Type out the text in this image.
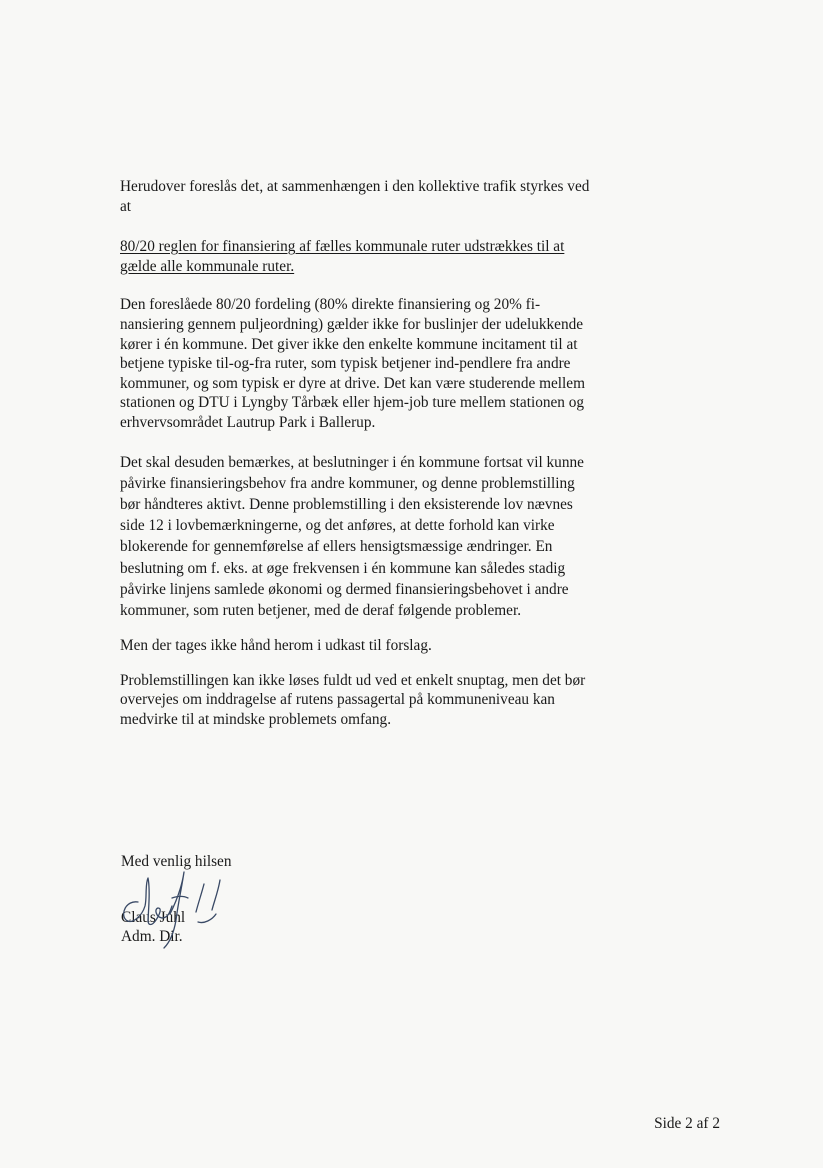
Herudover foreslås det, at sammenhængen i den kollektive trafik styrkes ved at

80/20 reglen for finansiering af fælles kommunale ruter udstrækkes til at gælde alle kommunale ruter.

Den foreslåede 80/20 fordeling (80% direkte finansiering og 20% finansiering gennem puljeordning) gælder ikke for buslinjer der udelukkende kører i én kommune. Det giver ikke den enkelte kommune incitament til at betjene typiske til-og-fra ruter, som typisk betjener ind-pendlere fra andre kommuner, og som typisk er dyre at drive. Det kan være studerende mellem stationen og DTU i Lyngby Tårbæk eller hjem-job ture mellem stationen og erhvervsområdet Lautrup Park i Ballerup.

Det skal desuden bemærkes, at beslutninger i én kommune fortsat vil kunne påvirke finansieringsbehov fra andre kommuner, og denne problemstilling bør håndteres aktivt. Denne problemstilling i den eksisterende lov nævnes side 12 i lovbemærkningerne, og det anføres, at dette forhold kan virke blokerende for gennemførelse af ellers hensigtsmæssige ændringer. En beslutning om f. eks. at øge frekvensen i én kommune kan således stadig påvirke linjens samlede økonomi og dermed finansieringsbehovet i andre kommuner, som ruten betjener, med de deraf følgende problemer.

Men der tages ikke hånd herom i udkast til forslag.

Problemstillingen kan ikke løses fuldt ud ved et enkelt snuptag, men det bør overvejes om inddragelse af rutens passagertal på kommuneniveau kan medvirke til at mindske problemets omfang.

Med venlig hilsen
Claus Juhl
Adm. Dir.
Side 2 af 2
